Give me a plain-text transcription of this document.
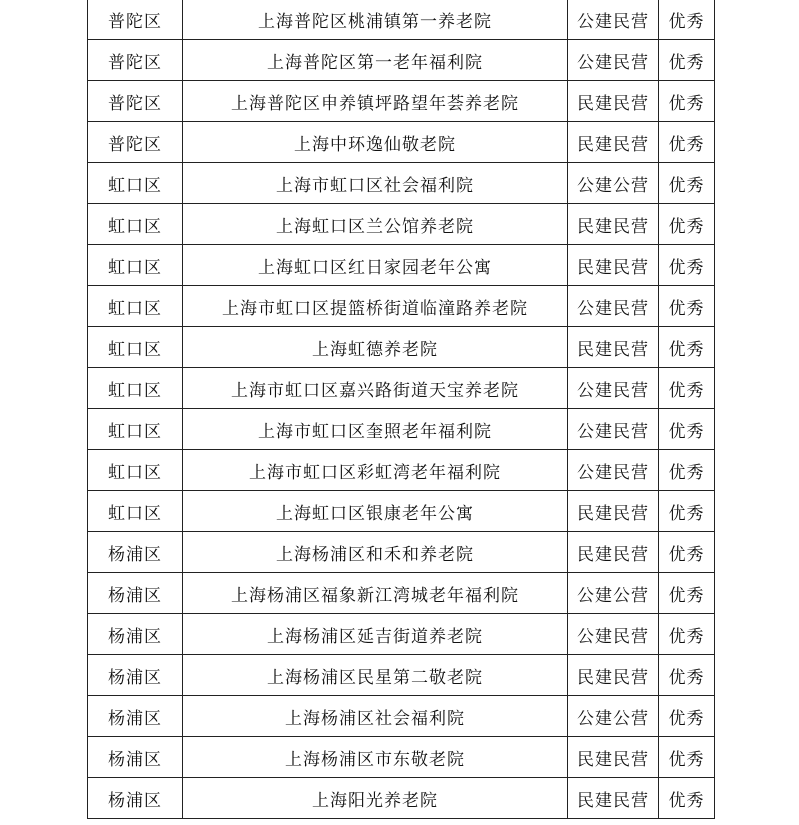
普陀区	上海普陀区桃浦镇第一养老院	公建民营	优秀
普陀区	上海普陀区第一老年福利院	公建民营	优秀
普陀区	上海普陀区申养镇坪路望年荟养老院	民建民营	优秀
普陀区	上海中环逸仙敬老院	民建民营	优秀
虹口区	上海市虹口区社会福利院	公建公营	优秀
虹口区	上海虹口区兰公馆养老院	民建民营	优秀
虹口区	上海虹口区红日家园老年公寓	民建民营	优秀
虹口区	上海市虹口区提篮桥街道临潼路养老院	公建民营	优秀
虹口区	上海虹德养老院	民建民营	优秀
虹口区	上海市虹口区嘉兴路街道天宝养老院	公建民营	优秀
虹口区	上海市虹口区奎照老年福利院	公建民营	优秀
虹口区	上海市虹口区彩虹湾老年福利院	公建民营	优秀
虹口区	上海虹口区银康老年公寓	民建民营	优秀
杨浦区	上海杨浦区和禾和养老院	民建民营	优秀
杨浦区	上海杨浦区福象新江湾城老年福利院	公建公营	优秀
杨浦区	上海杨浦区延吉街道养老院	公建民营	优秀
杨浦区	上海杨浦区民星第二敬老院	民建民营	优秀
杨浦区	上海杨浦区社会福利院	公建公营	优秀
杨浦区	上海杨浦区市东敬老院	民建民营	优秀
杨浦区	上海阳光养老院	民建民营	优秀
